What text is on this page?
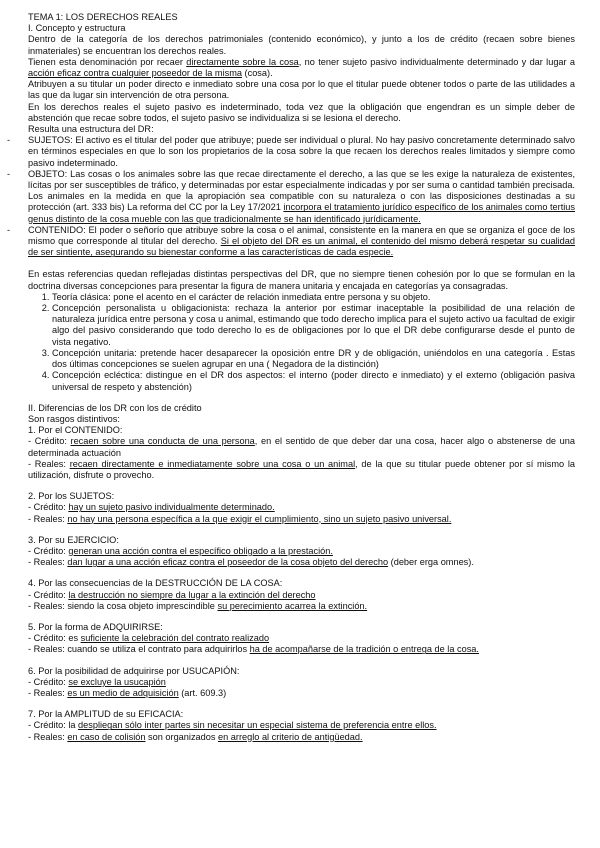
TEMA 1: LOS DERECHOS REALES

I. Concepto y estructura

Dentro de la categoría de los derechos patrimoniales (contenido económico), y junto a los de crédito (recaen sobre bienes inmateriales) se encuentran los derechos reales.

Tienen esta denominación por recaer directamente sobre la cosa, no tener sujeto pasivo individualmente determinado y dar lugar a acción eficaz contra cualquier poseedor de la misma (cosa).

Atribuyen a su titular un poder directo e inmediato sobre una cosa por lo que el titular puede obtener todos o parte de las utilidades a las que da lugar sin intervención de otra persona.

En los derechos reales el sujeto pasivo es indeterminado, toda vez que la obligación que engendran es un simple deber de abstención que recae sobre todos, el sujeto pasivo se individualiza si se lesiona el derecho.

Resulta una estructura del DR:

- SUJETOS: El activo es el titular del poder que atribuye; puede ser individual o plural. No hay pasivo concretamente determinado salvo en términos especiales en que lo son los propietarios de la cosa sobre la que recaen los derechos reales limitados y siempre como pasivo indeterminado.
- OBJETO: Las cosas o los animales sobre las que recae directamente el derecho, a las que se les exige la naturaleza de existentes, lícitas por ser susceptibles de tráfico, y determinadas por estar especialmente indicadas y por ser suma o cantidad también precisada. Los animales en la medida en que la apropiación sea compatible con su naturaleza o con las disposiciones destinadas a su protección (art. 333 bis) La reforma del CC por la Ley 17/2021 incorpora el tratamiento jurídico específico de los animales como tertius genus distinto de la cosa mueble con las que tradicionalmente se han identificado jurídicamente.
- CONTENIDO: El poder o señorío que atribuye sobre la cosa o el animal, consistente en la manera en que se organiza el goce de los mismo que corresponde al titular del derecho. Si el objeto del DR es un animal, el contenido del mismo deberá respetar su cualidad de ser sintiente, asegurando su bienestar conforme a las características de cada especie.

En estas referencias quedan reflejadas distintas perspectivas del DR, que no siempre tienen cohesión por lo que se formulan en la doctrina diversas concepciones para presentar la figura de manera unitaria y encajada en categorías ya consagradas.

1. Teoría clásica: pone el acento en el carácter de relación inmediata entre persona y su objeto.
2. Concepción personalista u obligacionista: rechaza la anterior por estimar inaceptable la posibilidad de una relación de naturaleza jurídica entre persona y cosa u animal, estimando que todo derecho implica para el sujeto activo ua facultad de exigir algo del pasivo considerando que todo derecho lo es de obligaciones por lo que el DR debe configurarse desde el punto de vista negativo.
3. Concepción unitaria: pretende hacer desaparecer la oposición entre DR y de obligación, uniéndolos en una categoría . Estas dos últimas concepciones se suelen agrupar en una ( Negadora de la distinción)
4. Concepción ecléctica: distingue en el DR dos aspectos: el interno (poder directo e inmediato) y el externo (obligación pasiva universal de respeto y abstención)

II. Diferencias de los DR con los de crédito

Son rasgos distintivos:

1. Por el CONTENIDO:

- Crédito: recaen sobre una conducta de una persona, en el sentido de que deber dar una cosa, hacer algo o abstenerse de una determinada actuación

- Reales: recaen directamente e inmediatamente sobre una cosa o un animal, de la que su titular puede obtener por sí mismo la utilización, disfrute o provecho.

2. Por los SUJETOS:

- Crédito: hay un sujeto pasivo individualmente determinado.

- Reales: no hay una persona específica a la que exigir el cumplimiento, sino un sujeto pasivo universal.

3. Por su EJERCICIO:

- Crédito: generan una acción contra el específico obligado a la prestación.

- Reales: dan lugar a una acción eficaz contra el poseedor de la cosa objeto del derecho (deber erga omnes).

4. Por las consecuencias de la DESTRUCCIÓN DE LA COSA:

- Crédito: la destrucción no siempre da lugar a la extinción del derecho

- Reales: siendo la cosa objeto imprescindible su perecimiento acarrea la extinción.

5. Por la forma de ADQUIRIRSE:

- Crédito: es suficiente la celebración del contrato realizado

- Reales: cuando se utiliza el contrato para adquirirlos ha de acompañarse de la tradición o entrega de la cosa.

6. Por la posibilidad de adquirirse por USUCAPIÓN:

- Crédito: se excluye la usucapión

- Reales: es un medio de adquisición (art. 609.3)

7. Por la AMPLITUD de su EFICACIA:

- Crédito: la despliegan sólo inter partes sin necesitar un especial sistema de preferencia entre ellos.

- Reales: en caso de colisión son organizados en arreglo al criterio de antigüedad.
